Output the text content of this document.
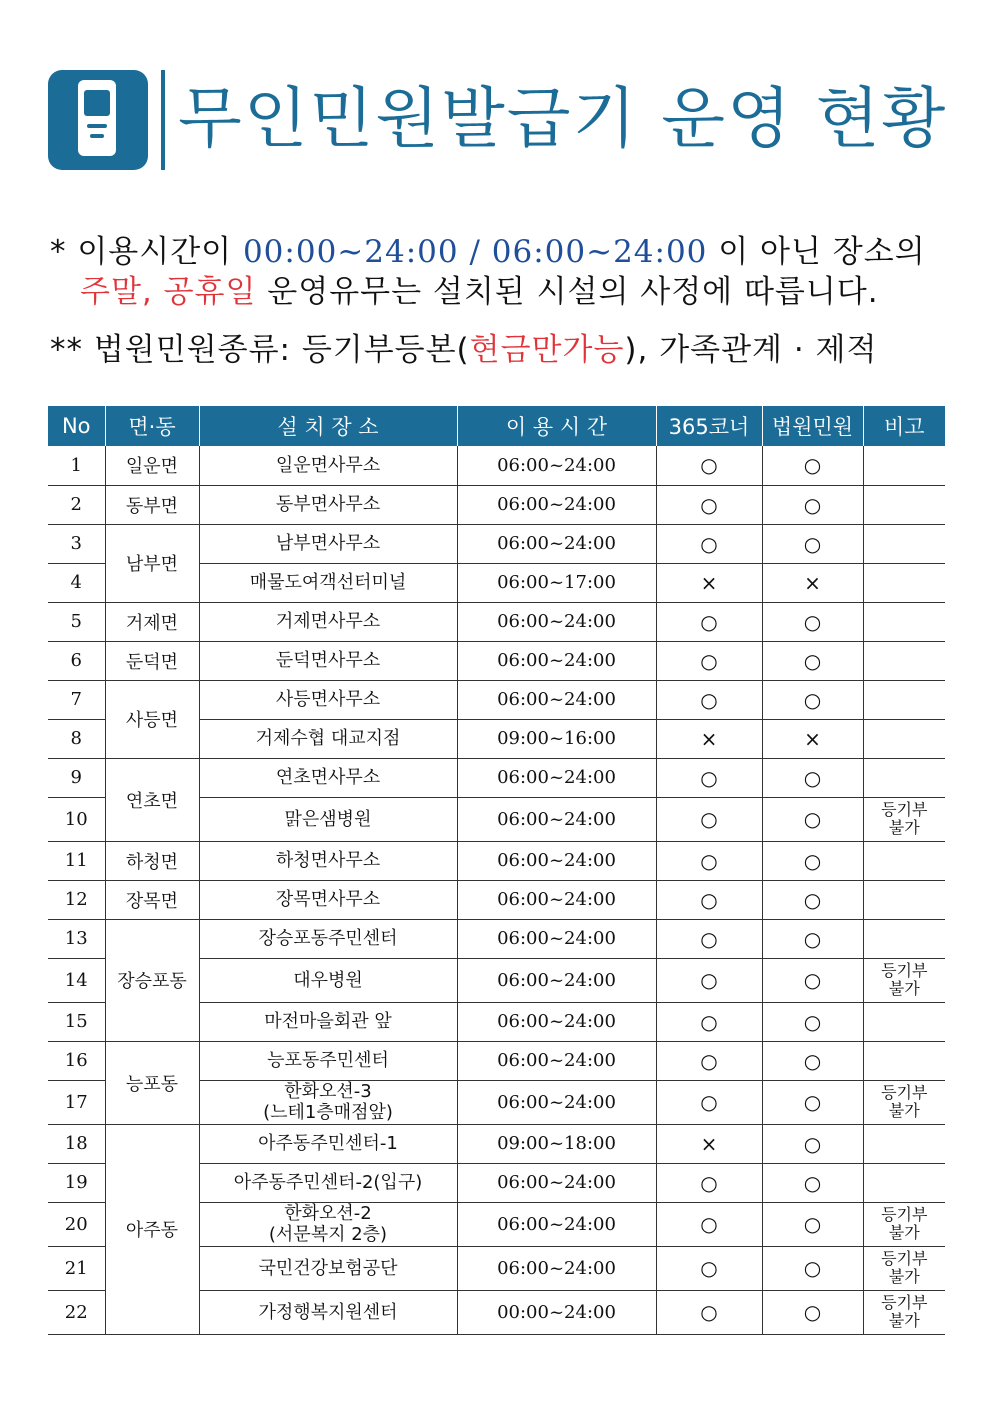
무인민원발급기 운영 현황
* 이용시간이 00:00~24:00 / 06:00~24:00 이 아닌 장소의
주말, 공휴일 운영유무는 설치된 시설의 사정에 따릅니다.
** 법원민원종류: 등기부등본(현금만가능), 가족관계 · 제적
No	면·동	설 치 장 소	이 용 시 간	365코너	법원민원	비고
1	일운면	일운면사무소	06:00~24:00	○	○	
2	동부면	동부면사무소	06:00~24:00	○	○	
3	남부면	남부면사무소	06:00~24:00	○	○	
4		매물도여객선터미널	06:00~17:00	×	×	
5	거제면	거제면사무소	06:00~24:00	○	○	
6	둔덕면	둔덕면사무소	06:00~24:00	○	○	
7	사등면	사등면사무소	06:00~24:00	○	○	
8		거제수협 대교지점	09:00~16:00	×	×	
9	연초면	연초면사무소	06:00~24:00	○	○	
10		맑은샘병원	06:00~24:00	○	○	등기부
불가
11	하청면	하청면사무소	06:00~24:00	○	○	
12	장목면	장목면사무소	06:00~24:00	○	○	
13	장승포동	장승포동주민센터	06:00~24:00	○	○	
14		대우병원	06:00~24:00	○	○	등기부
불가
15		마전마을회관 앞	06:00~24:00	○	○	
16	능포동	능포동주민센터	06:00~24:00	○	○	
17		한화오션-3
(느테1층매점앞)	06:00~24:00	○	○	등기부
불가
18	아주동	아주동주민센터-1	09:00~18:00	×	○	
19		아주동주민센터-2(입구)	06:00~24:00	○	○	
20		한화오션-2
(서문복지 2층)	06:00~24:00	○	○	등기부
불가
21		국민건강보험공단	06:00~24:00	○	○	등기부
불가
22		가정행복지원센터	00:00~24:00	○	○	등기부
불가
